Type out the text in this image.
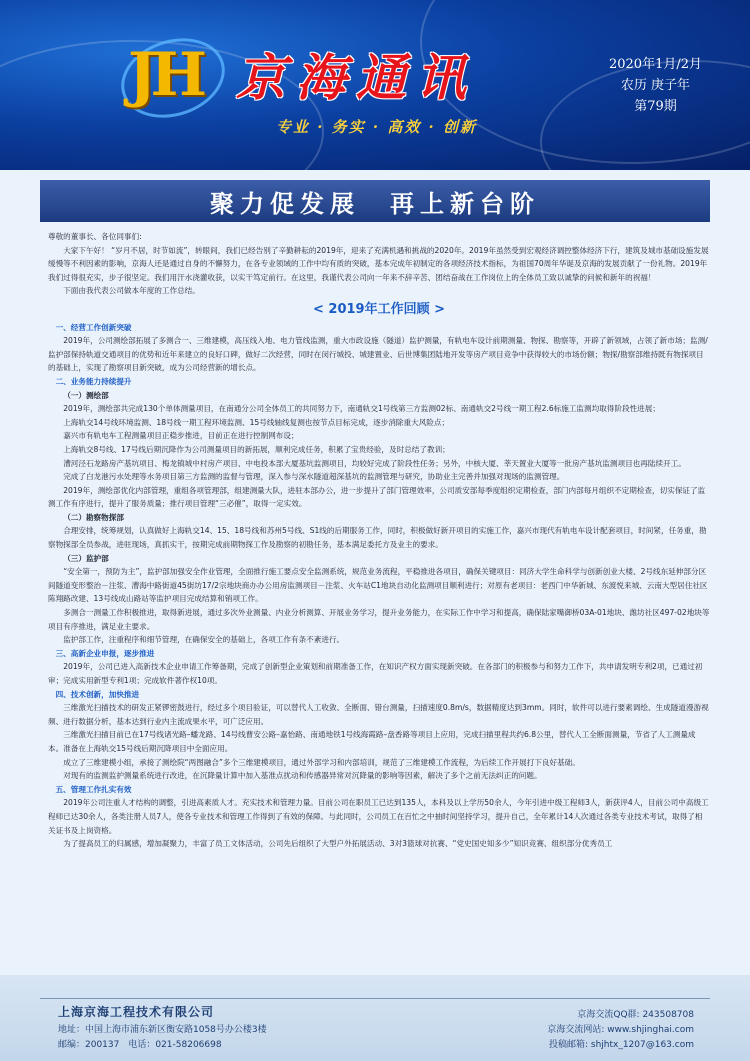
JH 京海通讯
专业 · 务实 · 高效 · 创新
2020年1月/2月
农历 庚子年
第79期
聚力促发展　再上新台阶

尊敬的董事长、各位同事们:

大家下午好！ “岁月不居，时节如流”，转眼间，我们已经告别了辛勤耕耘的2019年，迎来了充满机遇和挑战的2020年。2019年虽然受到宏观经济调控整体经济下行，建筑及城市基础设施发展缓慢等不利因素的影响，京海人还是通过自身的不懈努力，在各专业领域的工作中均有质的突破，基本完成年初制定的各项经济技术指标，为祖国70周年华诞及京海的发展贡献了一份礼物。2019年我们过得很充实，步子很坚定。我们用汗水浇灌收获，以实干笃定前行。在这里，我谨代表公司向一年来不辞辛苦、团结奋战在工作岗位上的全体员工致以诚挚的问候和新年的祝福！

下面由我代表公司做本年度的工作总结。

< 2019年工作回顾 >
一、经营工作创新突破

2019年，公司测绘部拓展了多测合一、三维建模，高压线入地、电力管线监测，重大市政设施（隧道）监护测量，有轨电车设计前期测量、物探、勘察等，开辟了新领域，占领了新市场；监测/监护部保持轨道交通项目的优势和近年来建立的良好口碑，做好二次经营，同时在闵行城投、城建置业、后世博集团陆地开发等房产项目竞争中获得较大的市场份额；物探/勘察部维持既有物探项目的基础上，实现了勘察项目新突破，成为公司经营新的增长点。

二、业务能力持续提升
（一）测绘部

2019年，测绘部共完成130个单体测量项目，在南通分公司全体员工的共同努力下，南通轨交1号线第三方监测02标、南通轨交2号线一期工程2.6标施工监测均取得阶段性进展；

上海轨交14号线环境监测、18号线一期工程环境监测、15号线轴线复测也按节点目标完成，逐步消除重大风险点；

嘉兴市有轨电车工程测量项目正稳步推进，目前正在进行控制网布设；

上海轨交8号线、17号线后期沉降作为公司测量项目的新拓展，顺利完成任务，积累了宝贵经验，及时总结了教训；

漕河泾石龙路房产基坑项目、梅龙镇城中村房产项目、中电投本部大厦基坑监测项目，均较好完成了阶段性任务；另外，中核大厦、莘天置业大厦等一批房产基坑监测项目也再陆续开工。

完成了白龙港污水处理等水务项目第三方监测的监督与管理，深入参与深水隧道超深基坑的监测管理与研究，协助业主完善并加强对现场的监测管理。

2019年，测绘部优化内部管理，重组各项管理部，组建测量大队，进驻本部办公，进一步提升了部门管理效率，公司质安部每季度组织定期检查，部门内部每月组织不定期检查，切实保证了监测工作有序进行，提升了服务质量；推行项目管理“三必催”，取得一定实效。

（二）勘察物探部

合理安排，统筹规划，认真做好上海轨交14、15、18号线和苏州5号线、S1线的后期服务工作，同时，积极做好新开项目的实施工作，嘉兴市现代有轨电车设计配套项目，时间紧，任务重，勘察物探部全员参战，进驻现场，真抓实干，按期完成前期物探工作及勘察的初勘任务，基本满足委托方及业主的要求。

（三）监护部

“安全第一，预防为主”，监护部加强安全作业管理，全面推行施工要点安全监测系统，规范业务流程，平稳推进各项目，确保关键项目：同济大学生命科学与创新创业大楼、2号线东延伸部分区间隧道变形整治－注浆、漕海中路街道45街坊17/2宗地块商办办公用房监测项目－注浆、火车站C1地块自动化监测项目顺利进行；对原有老项目：老西门中华新城、东渡悦来城、云南大型居住社区陈翔路改建、13号线成山路站等监护项目完成结算和销项工作。

多测合一测量工作积极推进，取得新进展，通过多次外业测量、内业分析测算、开展业务学习，提升业务能力，在实际工作中学习和提高，确保陆家嘴御桥03A-01地块、潍坊社区497-02地块等项目有序推进，满足业主要求。

监护部工作，注重程序和细节管理，在确保安全的基础上，各项工作有条不紊进行。

三、高新企业申报，逐步推进

2019年，公司已进入高新技术企业申请工作筹备期，完成了创新型企业策划和前期准备工作，在知识产权方面实现新突破。在各部门的积极参与和努力工作下，共申请发明专利2项，已通过初审；完成实用新型专利1项；完成软件著作权10项。

四、技术创新，加快推进

三维激光扫描技术的研发正紧锣密鼓进行，经过多个项目验证，可以替代人工收敛、全断面、错台测量，扫描速度0.8m/s，数据精度达到3mm。同时，软件可以进行要素调绘、生成隧道漫游视频、进行数据分析，基本达到行业内主流成果水平，可广泛应用。

三维激光扫描目前已在17号线诸光路–蟠龙路、14号线曹安公路–嘉怡路、南通地铁1号线海霞路–盘香路等项目上应用，完成扫描里程共约6.8公里，替代人工全断面测量，节省了人工测量成本。准备在上海轨交15号线后期沉降项目中全面应用。

成立了三维建模小组，承接了测绘院“两图融合”多个三维建模项目，通过外部学习和内部培训，规范了三维建模工作流程，为后续工作开展打下良好基础。

对现有的监测监护测量系统进行改进，在沉降量计算中加入基准点扰动和传感器异常对沉降量的影响等因素，解决了多个之前无法纠正的问题。

五、管理工作扎实有效

2019年公司注重人才结构的调整，引进高素质人才。充实技术和管理力量。目前公司在职员工已达到135人，本科及以上学历50余人，今年引进中级工程师3人，新获评4人，目前公司中高级工程师已达30余人，各类注册人员7人，使各专业技术和管理工作得到了有效的保障。与此同时，公司员工在百忙之中抽时间坚持学习，提升自己，全年累计14人次通过各类专业技术考试，取得了相关证书及上岗资格。

为了提高员工的归属感，增加凝聚力，丰富了员工文体活动，公司先后组织了大型户外拓展活动、3对3篮球对抗赛、“党史国史知多少”知识竞赛、组织部分优秀员工

上海京海工程技术有限公司
地址：中国上海市浦东新区衡安路1058号办公楼3楼
邮编：200137　电话：021-58206698
京海交流QQ群: 243508708
京海交流网站: www.shjinghai.com
投稿邮箱: shjhtx_1207@163.com
